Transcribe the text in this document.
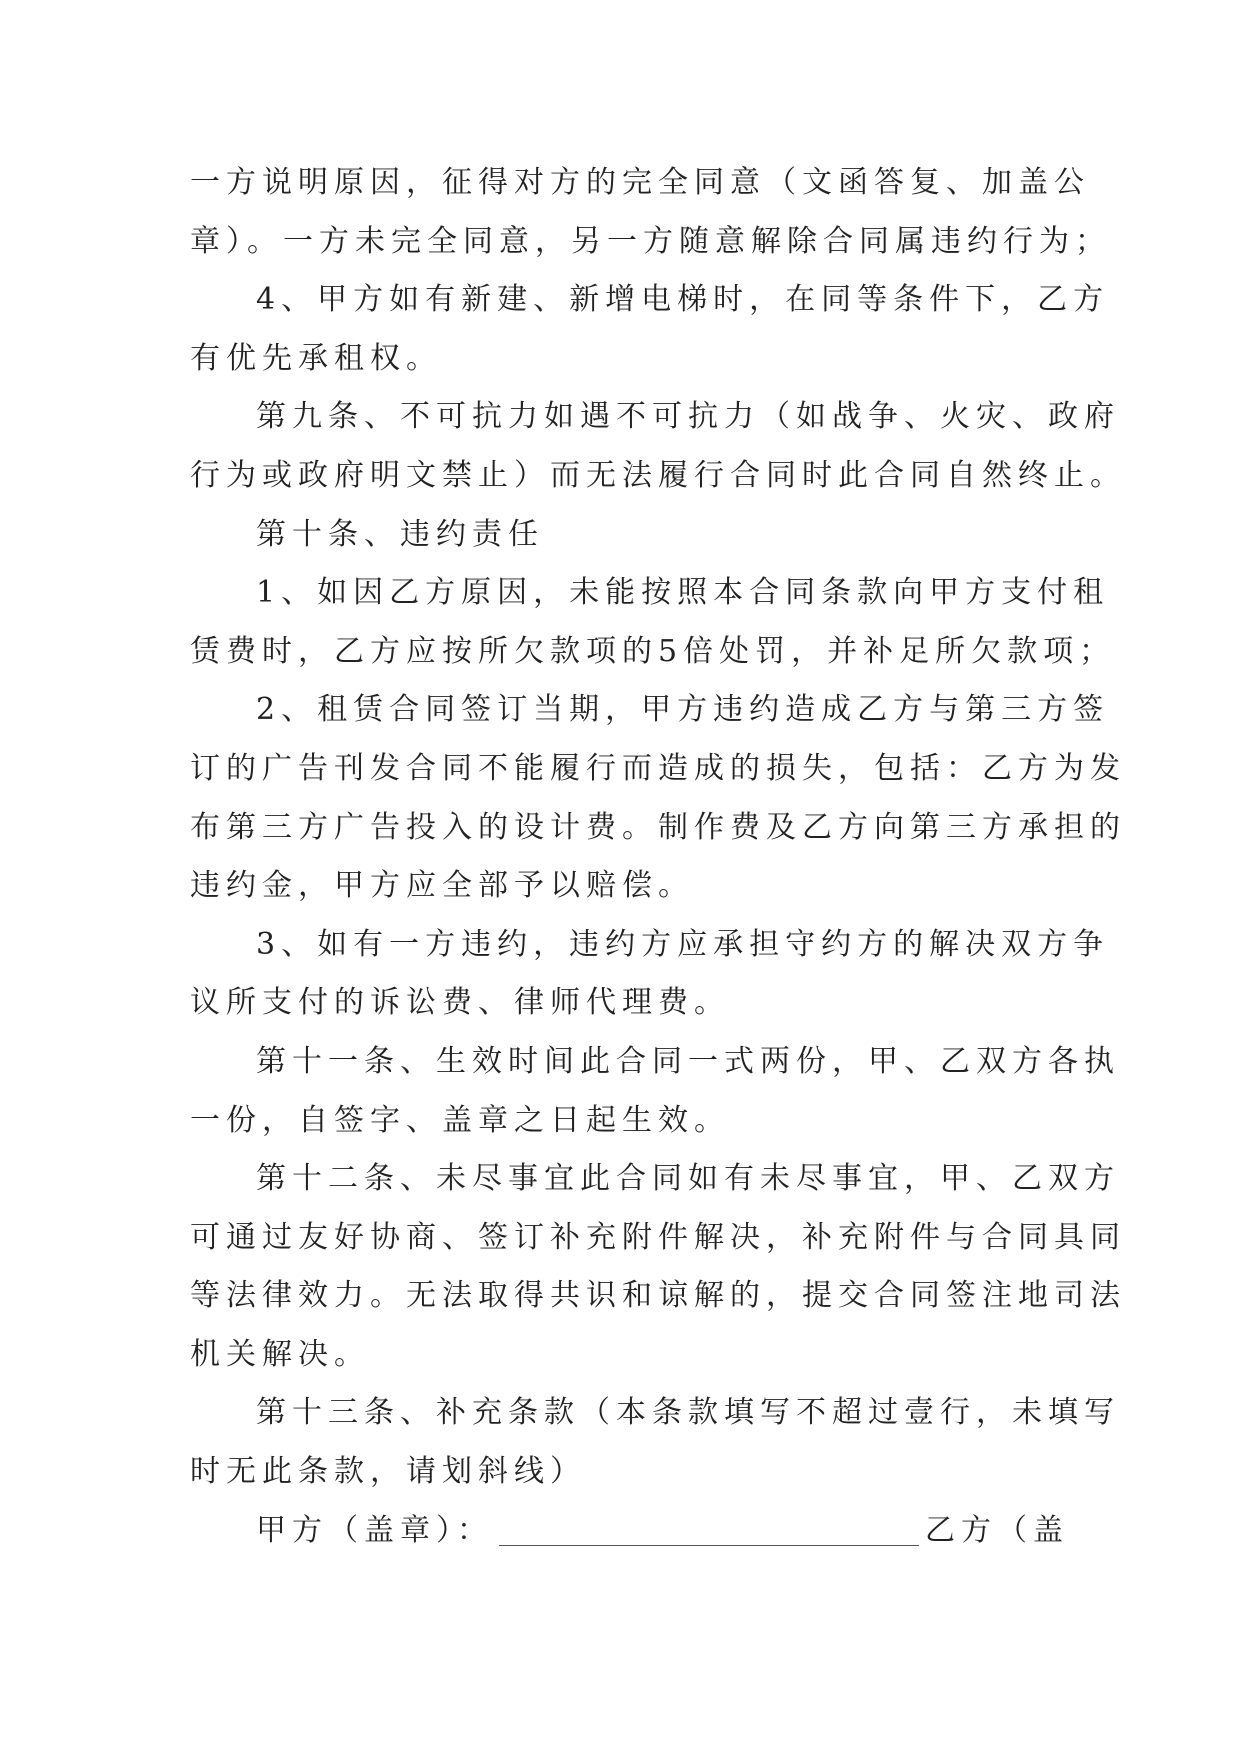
一方说明原因，征得对方的完全同意（文函答复、加盖公
章）。一方未完全同意，另一方随意解除合同属违约行为；
4、甲方如有新建、新增电梯时，在同等条件下，乙方
有优先承租权。
第九条、不可抗力如遇不可抗力（如战争、火灾、政府
行为或政府明文禁止）而无法履行合同时此合同自然终止。
第十条、违约责任
1、如因乙方原因，未能按照本合同条款向甲方支付租
赁费时，乙方应按所欠款项的5倍处罚，并补足所欠款项；
2、租赁合同签订当期，甲方违约造成乙方与第三方签
订的广告刊发合同不能履行而造成的损失，包括：乙方为发
布第三方广告投入的设计费。制作费及乙方向第三方承担的
违约金，甲方应全部予以赔偿。
3、如有一方违约，违约方应承担守约方的解决双方争
议所支付的诉讼费、律师代理费。
第十一条、生效时间此合同一式两份，甲、乙双方各执
一份，自签字、盖章之日起生效。
第十二条、未尽事宜此合同如有未尽事宜，甲、乙双方
可通过友好协商、签订补充附件解决，补充附件与合同具同
等法律效力。无法取得共识和谅解的，提交合同签注地司法
机关解决。
第十三条、补充条款（本条款填写不超过壹行，未填写
时无此条款，请划斜线）
甲方（盖章）：	乙方（盖
